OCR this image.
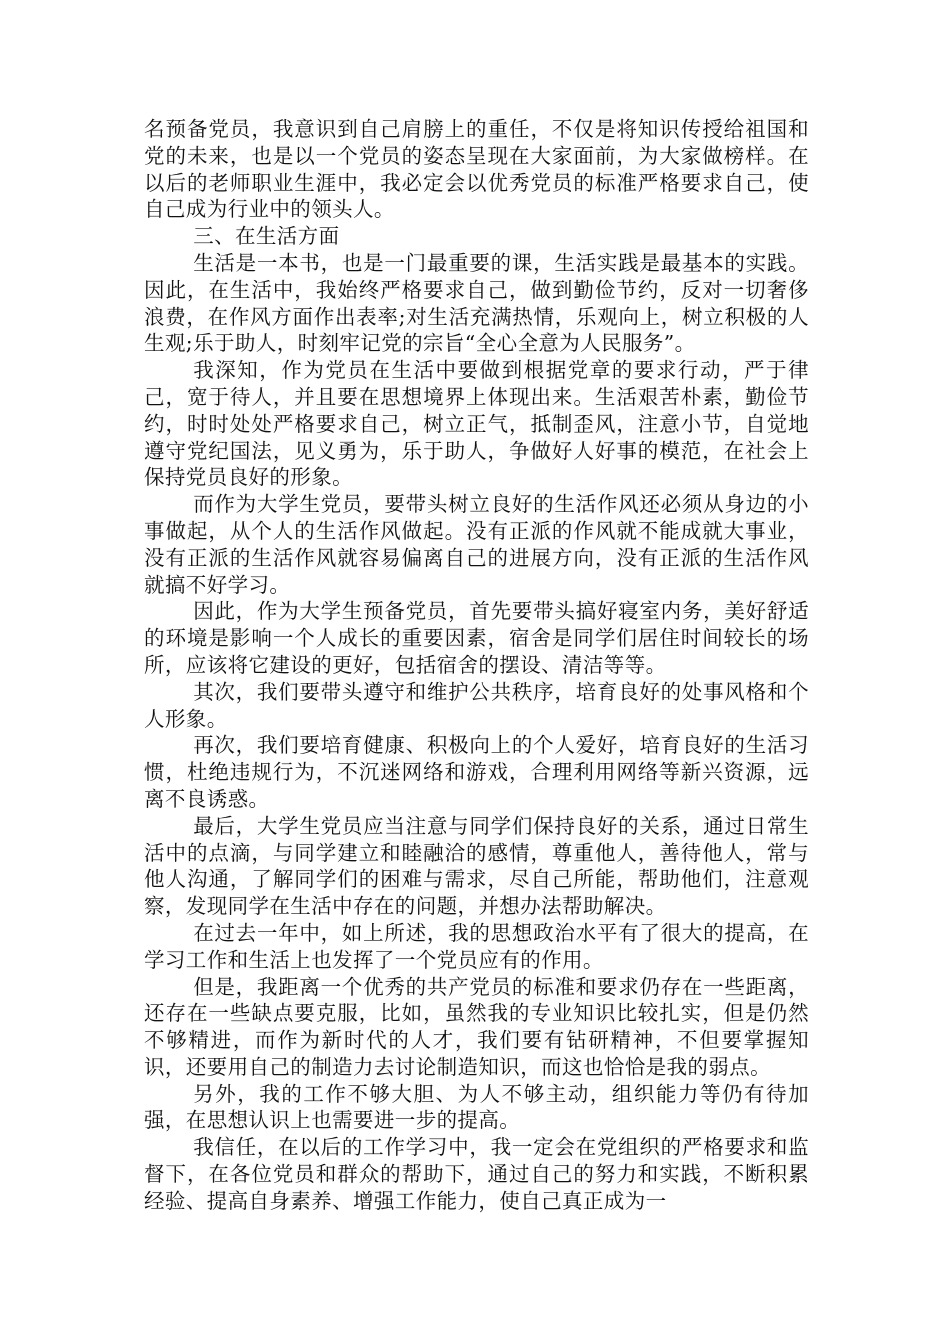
名预备党员，我意识到自己肩膀上的重任，不仅是将知识传授给祖国和党的未来，也是以一个党员的姿态呈现在大家面前，为大家做榜样。在以后的老师职业生涯中，我必定会以优秀党员的标准严格要求自己，使自己成为行业中的领头人。

三、在生活方面

生活是一本书，也是一门最重要的课，生活实践是最基本的实践。因此，在生活中，我始终严格要求自己，做到勤俭节约，反对一切奢侈浪费，在作风方面作出表率;对生活充满热情，乐观向上，树立积极的人生观;乐于助人，时刻牢记党的宗旨“全心全意为人民服务”。

我深知，作为党员在生活中要做到根据党章的要求行动，严于律己，宽于待人，并且要在思想境界上体现出来。生活艰苦朴素，勤俭节约，时时处处严格要求自己，树立正气，抵制歪风，注意小节，自觉地遵守党纪国法，见义勇为，乐于助人，争做好人好事的模范，在社会上保持党员良好的形象。

而作为大学生党员，要带头树立良好的生活作风还必须从身边的小事做起，从个人的生活作风做起。没有正派的作风就不能成就大事业，没有正派的生活作风就容易偏离自己的进展方向，没有正派的生活作风就搞不好学习。

因此，作为大学生预备党员，首先要带头搞好寝室内务，美好舒适的环境是影响一个人成长的重要因素，宿舍是同学们居住时间较长的场所，应该将它建设的更好，包括宿舍的摆设、清洁等等。

其次，我们要带头遵守和维护公共秩序，培育良好的处事风格和个人形象。

再次，我们要培育健康、积极向上的个人爱好，培育良好的生活习惯，杜绝违规行为，不沉迷网络和游戏，合理利用网络等新兴资源，远离不良诱惑。

最后，大学生党员应当注意与同学们保持良好的关系，通过日常生活中的点滴，与同学建立和睦融洽的感情，尊重他人，善待他人，常与他人沟通，了解同学们的困难与需求，尽自己所能，帮助他们，注意观察，发现同学在生活中存在的问题，并想办法帮助解决。

在过去一年中，如上所述，我的思想政治水平有了很大的提高，在学习工作和生活上也发挥了一个党员应有的作用。

但是，我距离一个优秀的共产党员的标准和要求仍存在一些距离，还存在一些缺点要克服，比如，虽然我的专业知识比较扎实，但是仍然不够精进，而作为新时代的人才，我们要有钻研精神，不但要掌握知识，还要用自己的制造力去讨论制造知识，而这也恰恰是我的弱点。

另外，我的工作不够大胆、为人不够主动，组织能力等仍有待加强，在思想认识上也需要进一步的提高。

我信任，在以后的工作学习中，我一定会在党组织的严格要求和监督下，在各位党员和群众的帮助下，通过自己的努力和实践，不断积累经验、提高自身素养、增强工作能力，使自己真正成为一
